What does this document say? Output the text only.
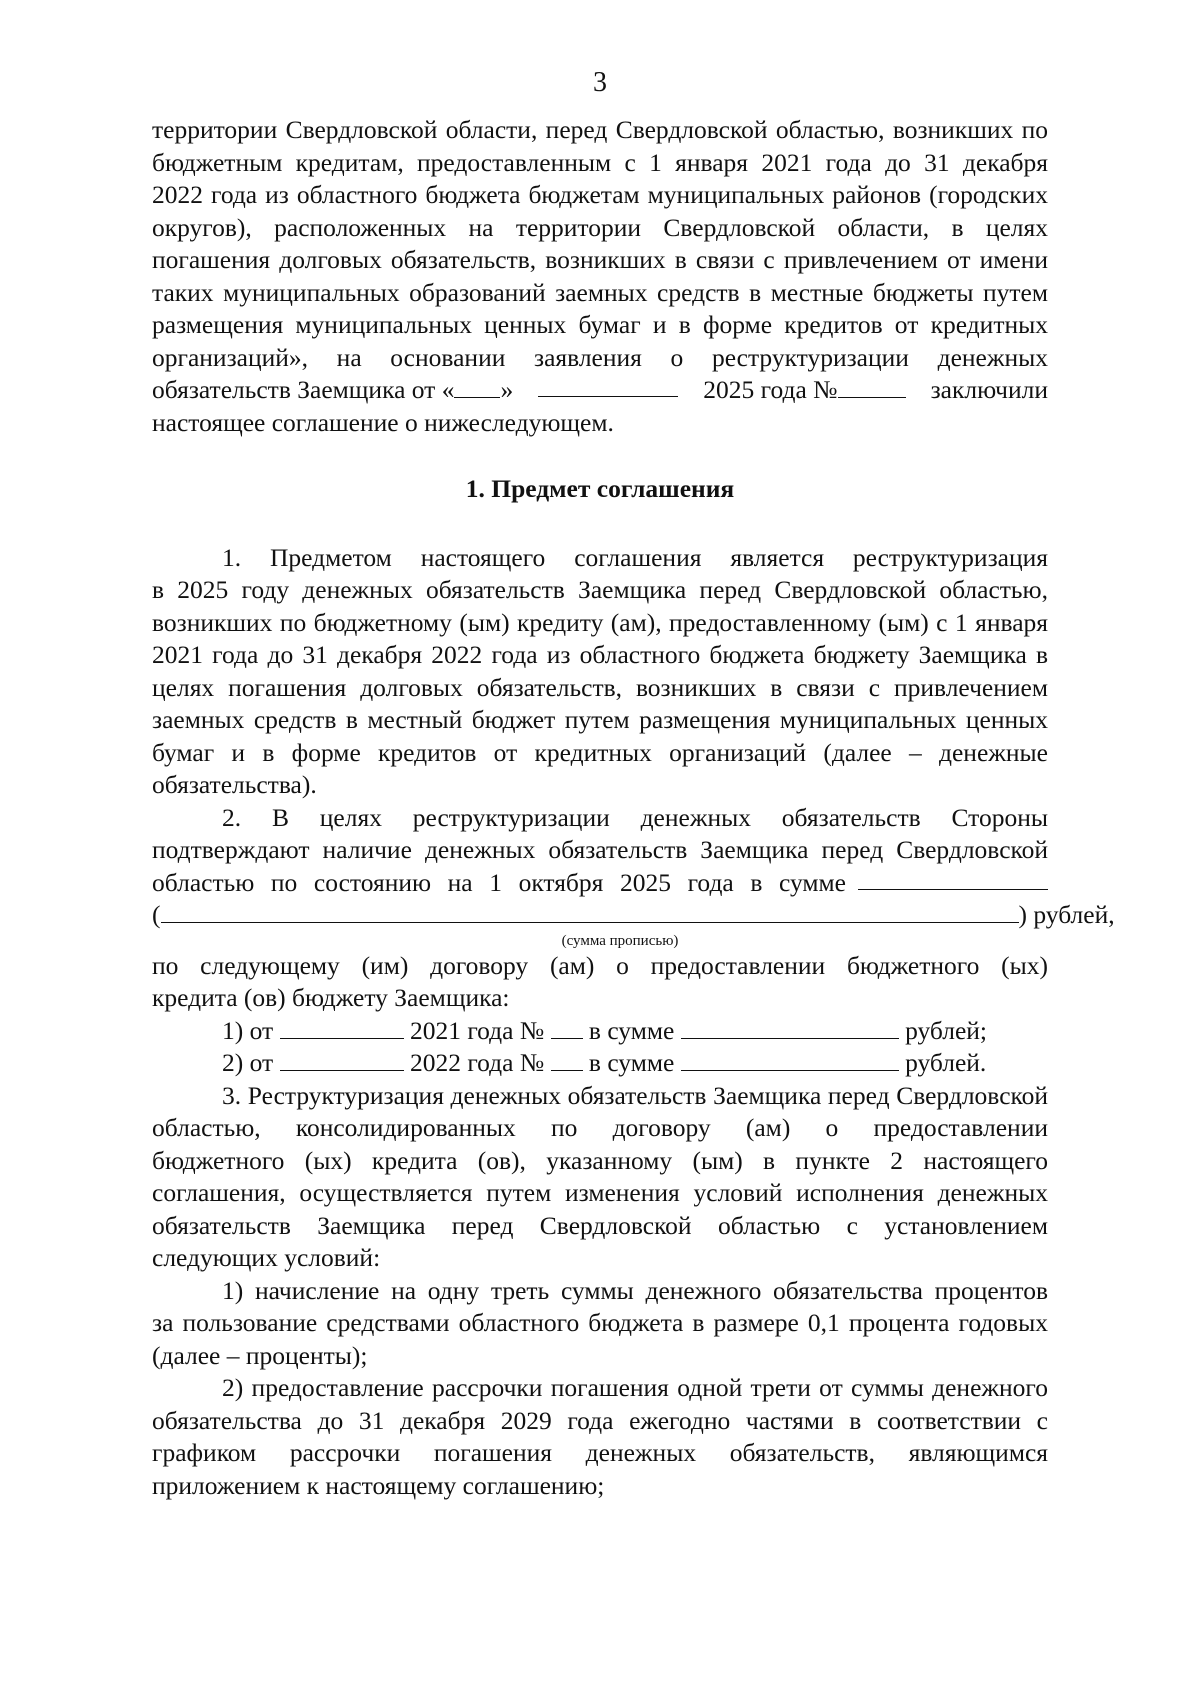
3

территории Свердловской области, перед Свердловской областью, возникших по

бюджетным кредитам, предоставленным с 1 января 2021 года до 31 декабря

2022 года из областного бюджета бюджетам муниципальных районов (городских

округов), расположенных на территории Свердловской области, в целях

погашения долговых обязательств, возникших в связи с привлечением от имени

таких муниципальных образований заемных средств в местные бюджеты путем

размещения муниципальных ценных бумаг и в форме кредитов от кредитных

организаций», на основании заявления о реструктуризации денежных

обязательств Заемщика от « »	2025 года №	заключили

настоящее соглашение о нижеследующем.

1. Предмет соглашения

1. Предметом настоящего соглашения является реструктуризация

в 2025 году денежных обязательств Заемщика перед Свердловской областью,

возникших по бюджетному (ым) кредиту (ам), предоставленному (ым) с 1 января

2021 года до 31 декабря 2022 года из областного бюджета бюджету Заемщика в

целях погашения долговых обязательств, возникших в связи с привлечением

заемных средств в местный бюджет путем размещения муниципальных ценных

бумаг и в форме кредитов от кредитных организаций (далее – денежные

обязательства).

2. В целях реструктуризации денежных обязательств Стороны

подтверждают наличие денежных обязательств Заемщика перед Свердловской

областью по состоянию на 1 октября 2025 года в сумме
(	) рублей,

(сумма прописью)

по следующему (им) договору (ам) о предоставлении бюджетного (ых)

кредита (ов) бюджету Заемщика:

1) от	2021 года № в сумме	рублей;
2) от	2022 года № в сумме	рублей.

3. Реструктуризация денежных обязательств Заемщика перед Свердловской

областью, консолидированных по договору (ам) о предоставлении

бюджетного (ых) кредита (ов), указанному (ым) в пункте 2 настоящего

соглашения, осуществляется путем изменения условий исполнения денежных

обязательств Заемщика перед Свердловской областью с установлением

следующих условий:

1) начисление на одну треть суммы денежного обязательства процентов

за пользование средствами областного бюджета в размере 0,1 процента годовых

(далее – проценты);

2) предоставление рассрочки погашения одной трети от суммы денежного

обязательства до 31 декабря 2029 года ежегодно частями в соответствии с

графиком рассрочки погашения денежных обязательств, являющимся

приложением к настоящему соглашению;
